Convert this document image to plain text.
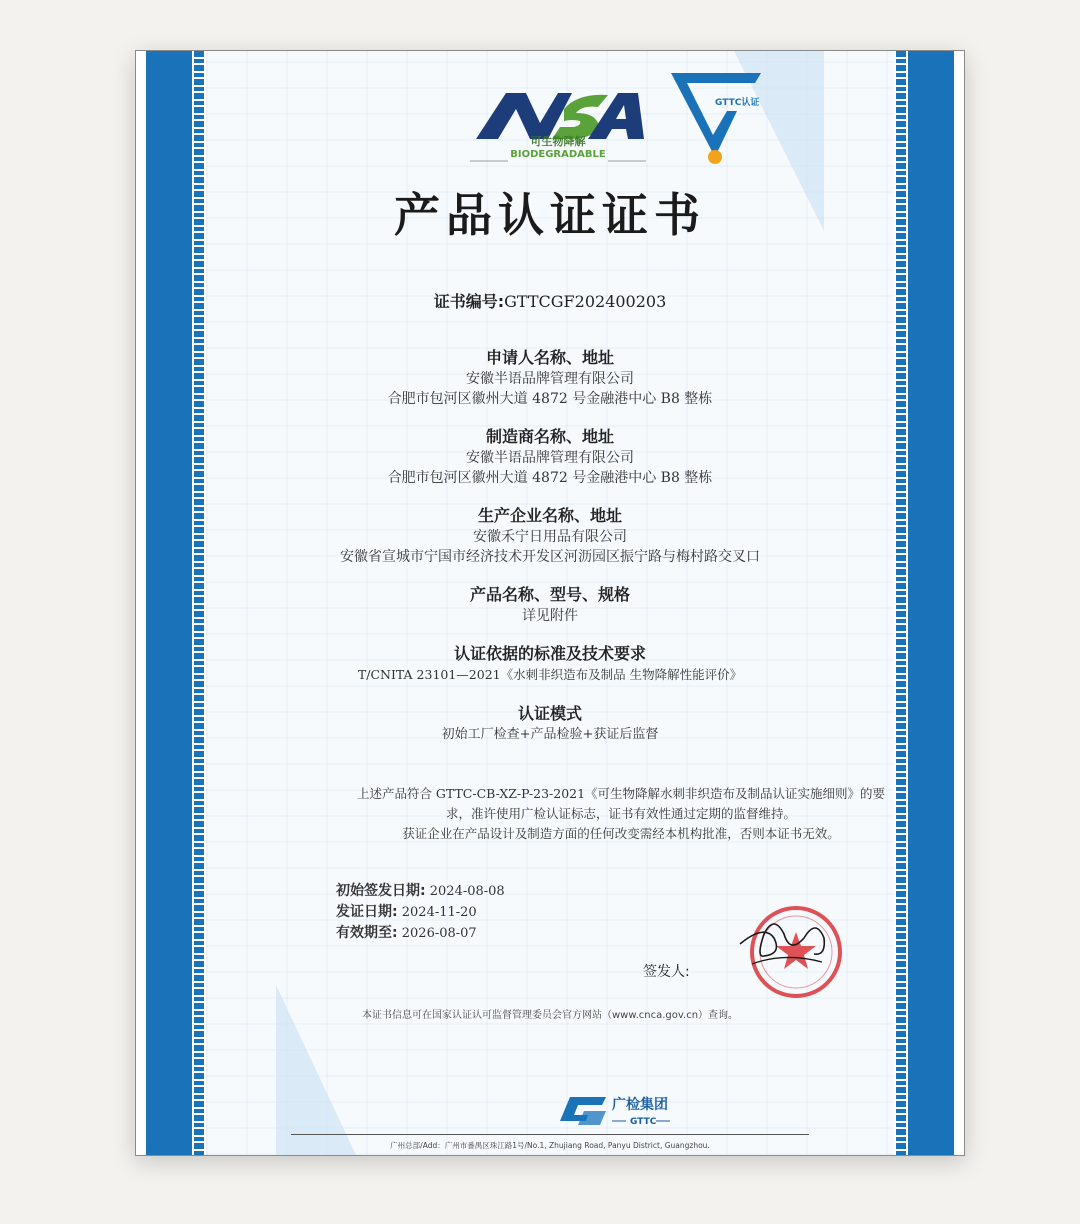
可生物降解
BIODEGRADABLE
GTTC认证
产品认证证书
证书编号:GTTCGF202400203
申请人名称、地址
安徽半语品牌管理有限公司
合肥市包河区徽州大道 4872 号金融港中心 B8 整栋
制造商名称、地址
安徽半语品牌管理有限公司
合肥市包河区徽州大道 4872 号金融港中心 B8 整栋
生产企业名称、地址
安徽禾宁日用品有限公司
安徽省宣城市宁国市经济技术开发区河沥园区振宁路与梅村路交叉口
产品名称、型号、规格
详见附件
认证依据的标准及技术要求
T/CNITA 23101—2021《水刺非织造布及制品 生物降解性能评价》
认证模式
初始工厂检查+产品检验+获证后监督
上述产品符合 GTTC-CB-XZ-P-23-2021《可生物降解水刺非织造布及制品认证实施细则》的要
求，准许使用广检认证标志，证书有效性通过定期的监督维持。
获证企业在产品设计及制造方面的任何改变需经本机构批准，否则本证书无效。
初始签发日期: 2024-08-08
发证日期: 2024-11-20
有效期至: 2026-08-07
签发人:
本证书信息可在国家认证认可监督管理委员会官方网站（www.cnca.gov.cn）查询。
广检集团
GTTC
广州总部/Add：广州市番禺区珠江路1号/No.1, Zhujiang Road, Panyu District, Guangzhou.
